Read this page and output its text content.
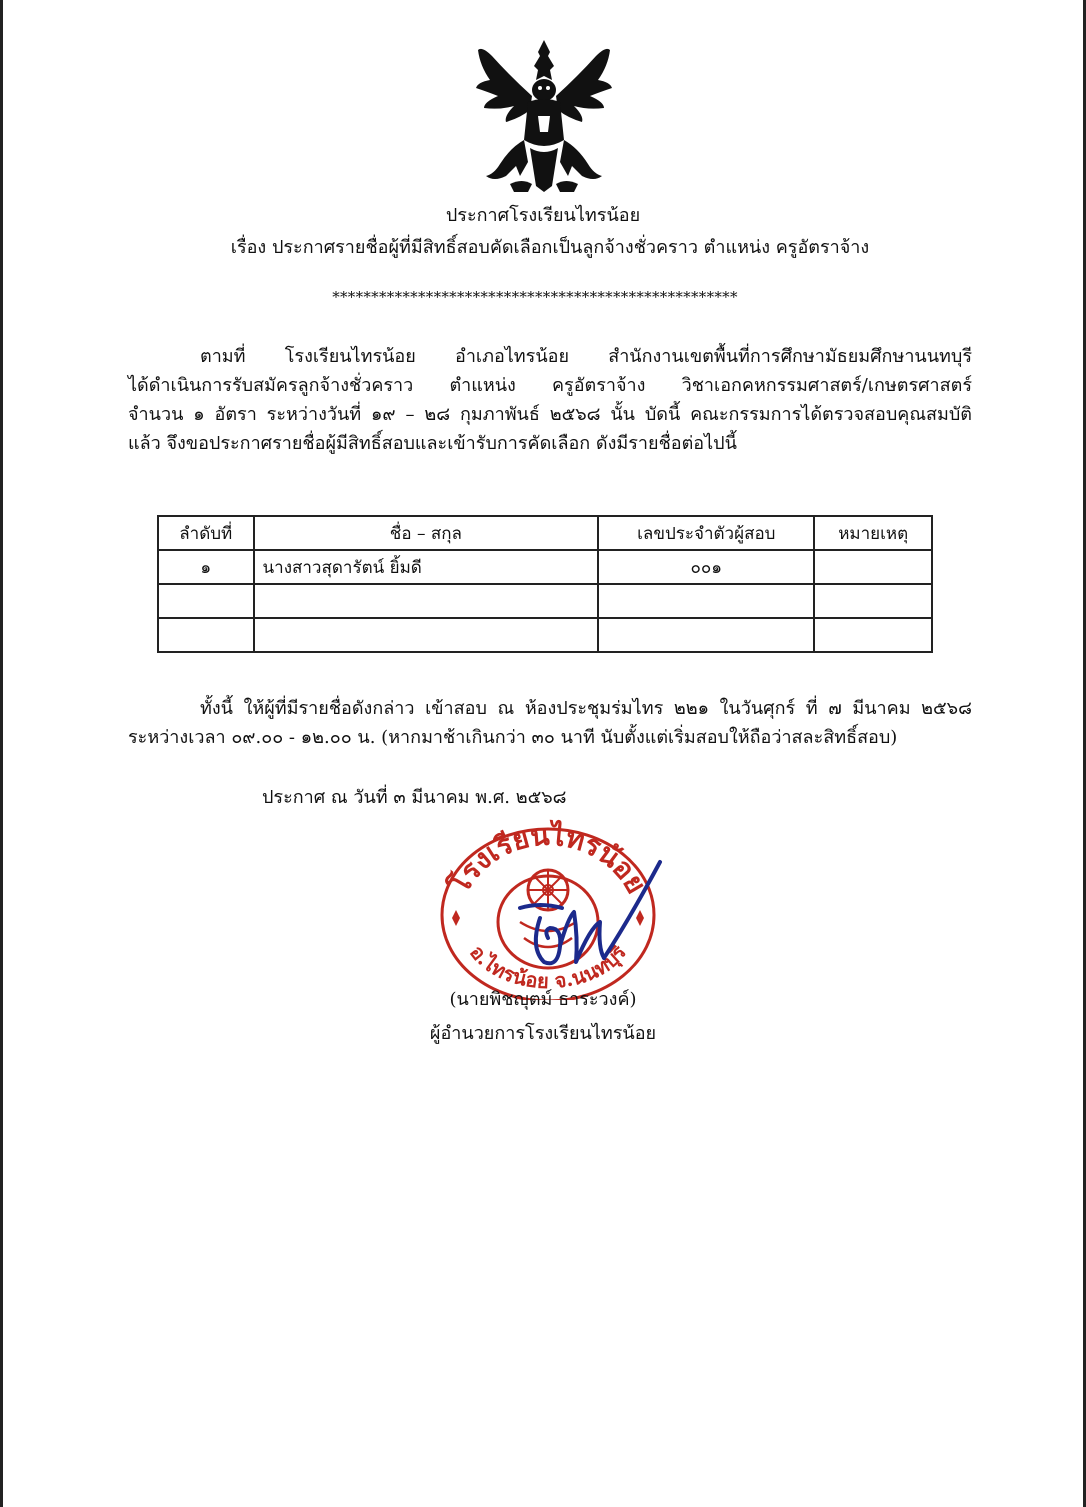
ประกาศโรงเรียนไทรน้อย
เรื่อง ประกาศรายชื่อผู้ที่มีสิทธิ์สอบคัดเลือกเป็นลูกจ้างชั่วคราว ตำแหน่ง ครูอัตราจ้าง
****************************************************

ตามที่ โรงเรียนไทรน้อย อำเภอไทรน้อย สำนักงานเขตพื้นที่การศึกษามัธยมศึกษานนทบุรี

ได้ดำเนินการรับสมัครลูกจ้างชั่วคราว ตำแหน่ง ครูอัตราจ้าง วิชาเอกคหกรรมศาสตร์/เกษตรศาสตร์

จำนวน ๑ อัตรา ระหว่างวันที่ ๑๙ – ๒๘ กุมภาพันธ์ ๒๕๖๘ นั้น บัดนี้ คณะกรรมการได้ตรวจสอบคุณสมบัติ

แล้ว จึงขอประกาศรายชื่อผู้มีสิทธิ์สอบและเข้ารับการคัดเลือก ดังมีรายชื่อต่อไปนี้

ลำดับที่	ชื่อ – สกุล	เลขประจำตัวผู้สอบ	หมายเหตุ
๑	นางสาวสุดารัตน์ ยิ้มดี	๐๐๑	

ทั้งนี้ ให้ผู้ที่มีรายชื่อดังกล่าว เข้าสอบ ณ ห้องประชุมร่มไทร ๒๒๑ ในวันศุกร์ ที่ ๗ มีนาคม ๒๕๖๘

ระหว่างเวลา ๐๙.๐๐ - ๑๒.๐๐ น. (หากมาช้าเกินกว่า ๓๐ นาที นับตั้งแต่เริ่มสอบให้ถือว่าสละสิทธิ์สอบ)

ประกาศ ณ วันที่ ๓ มีนาคม พ.ศ. ๒๕๖๘
โรงเรียนไทรน้อย
อ.ไทรน้อย จ.นนทบุรี
(นายพิชญุตม์ ธาระวงค์)
ผู้อำนวยการโรงเรียนไทรน้อย
